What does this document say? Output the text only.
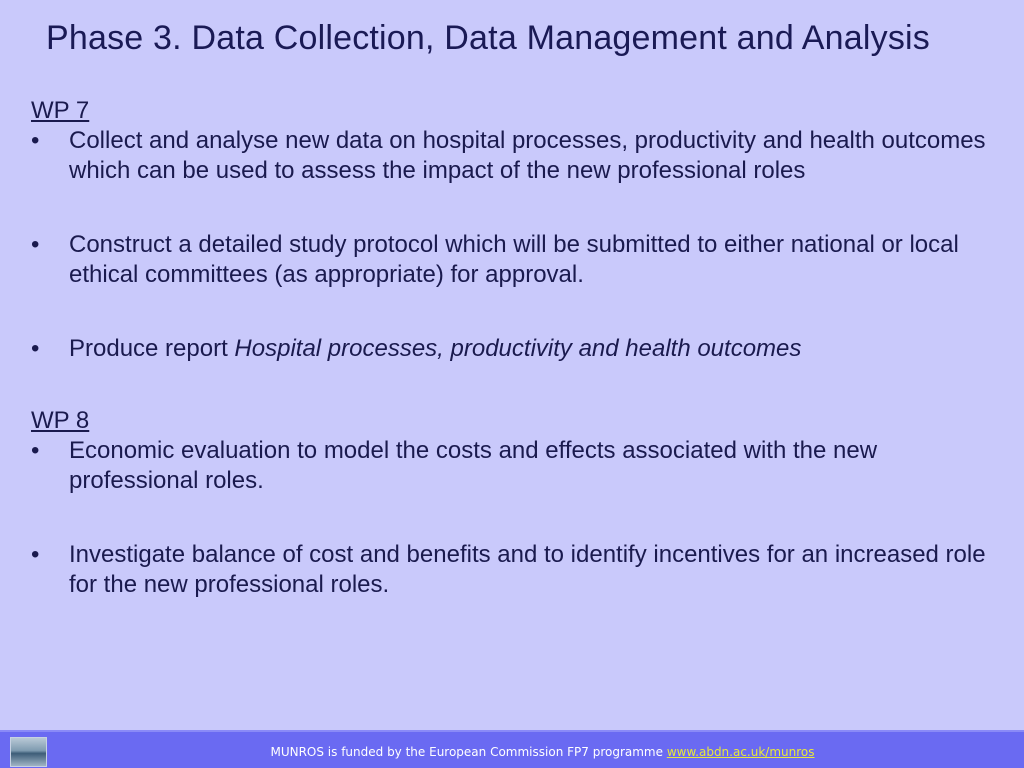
Phase 3. Data Collection, Data Management and Analysis

WP 7

• Collect and analyse new data on hospital processes, productivity and health outcomes which can be used to assess the impact of the new professional roles
• Construct a detailed study protocol which will be submitted to either national or local ethical committees (as appropriate) for approval.
• Produce report Hospital processes, productivity and health outcomes

WP 8

• Economic evaluation to model the costs and effects associated with the new professional roles.
• Investigate balance of cost and benefits and to identify incentives for an increased role for the new professional roles.
MUNROS is funded by the European Commission FP7 programme www.abdn.ac.uk/munros
